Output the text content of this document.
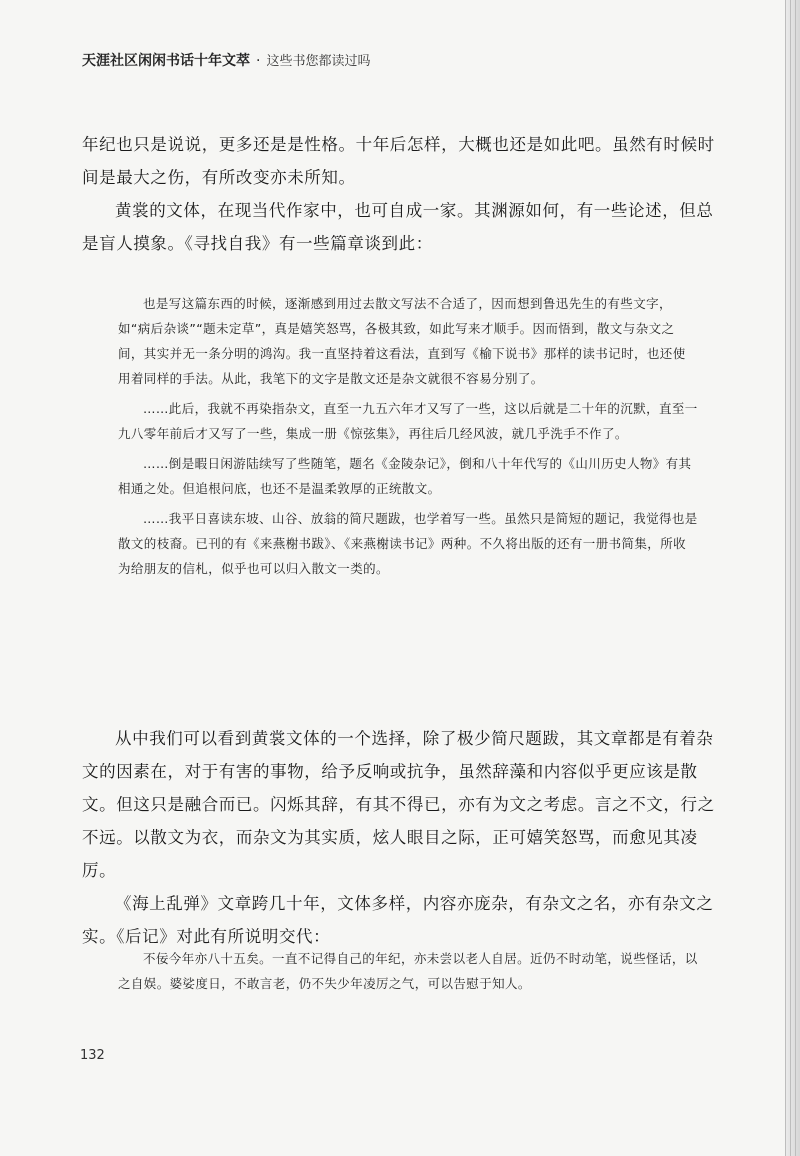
天涯社区闲闲书话十年文萃 · 这些书您都读过吗

年纪也只是说说，更多还是是性格。十年后怎样，大概也还是如此吧。虽然有时候时间是最大之伤，有所改变亦未所知。

黄裳的文体，在现当代作家中，也可自成一家。其渊源如何，有一些论述，但总是盲人摸象。《寻找自我》有一些篇章谈到此：

也是写这篇东西的时候，逐渐感到用过去散文写法不合适了，因而想到鲁迅先生的有些文字，如“病后杂谈”“题未定草”，真是嬉笑怒骂，各极其致，如此写来才顺手。因而悟到，散文与杂文之间，其实并无一条分明的鸿沟。我一直坚持着这看法，直到写《榆下说书》那样的读书记时，也还使用着同样的手法。从此，我笔下的文字是散文还是杂文就很不容易分别了。

……此后，我就不再染指杂文，直至一九五六年才又写了一些，这以后就是二十年的沉默，直至一九八零年前后才又写了一些，集成一册《惊弦集》，再往后几经风波，就几乎洗手不作了。

……倒是暇日闲游陆续写了些随笔，题名《金陵杂记》，倒和八十年代写的《山川历史人物》有其相通之处。但追根问底，也还不是温柔敦厚的正统散文。

……我平日喜读东坡、山谷、放翁的简尺题跋，也学着写一些。虽然只是简短的题记，我觉得也是散文的枝裔。已刊的有《来燕榭书跋》、《来燕榭读书记》两种。不久将出版的还有一册书简集，所收为给朋友的信札，似乎也可以归入散文一类的。

从中我们可以看到黄裳文体的一个选择，除了极少简尺题跋，其文章都是有着杂文的因素在，对于有害的事物，给予反响或抗争，虽然辞藻和内容似乎更应该是散文。但这只是融合而已。闪烁其辞，有其不得已，亦有为文之考虑。言之不文，行之不远。以散文为衣，而杂文为其实质，炫人眼目之际，正可嬉笑怒骂，而愈见其凌厉。

《海上乱弹》文章跨几十年，文体多样，内容亦庞杂，有杂文之名，亦有杂文之实。《后记》对此有所说明交代：

不佞今年亦八十五矣。一直不记得自己的年纪，亦未尝以老人自居。近仍不时动笔，说些怪话，以之自娱。婆娑度日，不敢言老，仍不失少年凌厉之气，可以告慰于知人。

132
